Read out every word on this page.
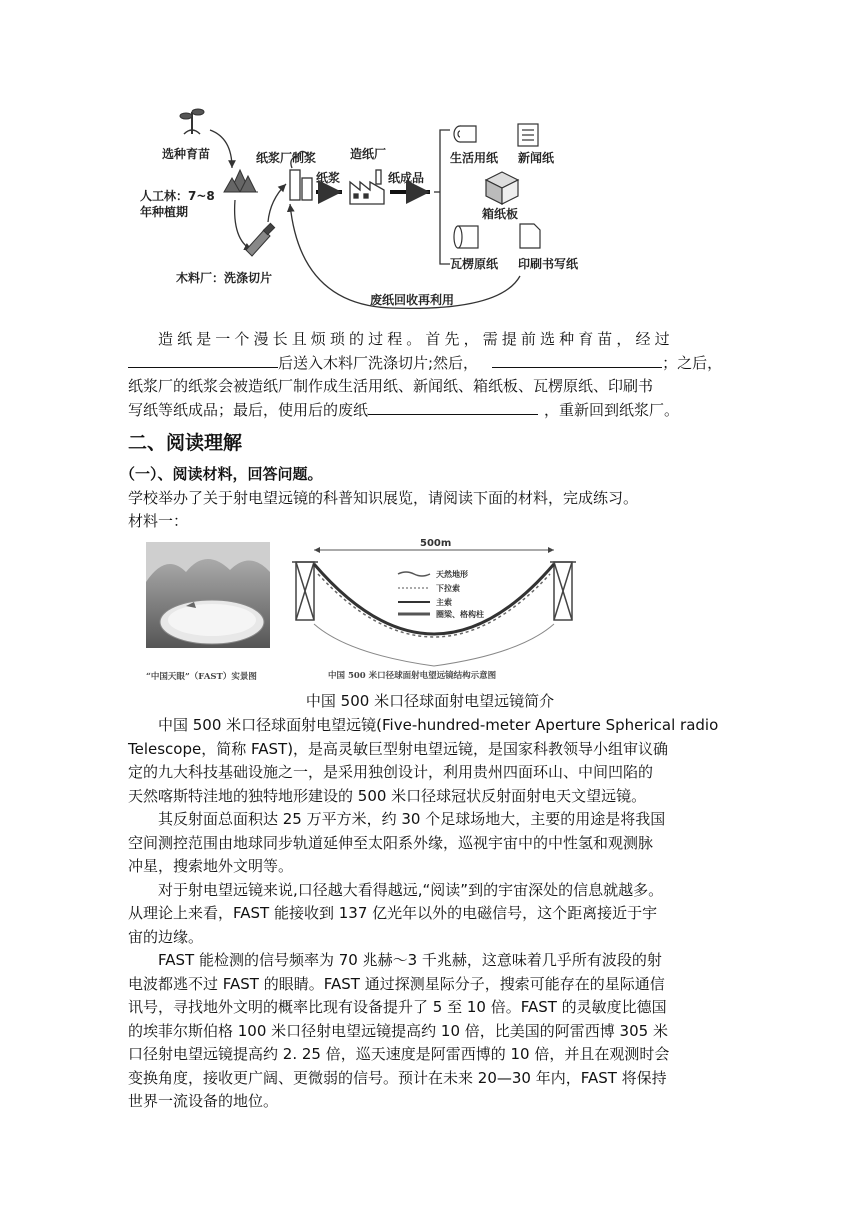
选种育苗
人工林：7~8
年种植期
木料厂：洗涤切片
纸浆厂制浆
纸浆
造纸厂
纸成品
生活用纸 新闻纸
箱纸板
瓦楞原纸 印刷书写纸
废纸回收再利用
造纸是一个漫长且烦琐的过程。首先，需提前选种育苗，经过
后送入木料厂洗涤切片;然后，	；之后，
纸浆厂的纸浆会被造纸厂制作成生活用纸、新闻纸、箱纸板、瓦楞原纸、印刷书
写纸等纸成品；最后，使用后的废纸	，重新回到纸浆厂。
二、阅读理解
（一）、阅读材料，回答问题。
学校举办了关于射电望远镜的科普知识展览，请阅读下面的材料，完成练习。
材料一：
“中国天眼”（FAST）实景图
500m
天然地形
下拉索
主索
圈梁、格构柱
中国 500 米口径球面射电望远镜结构示意图
中国 500 米口径球面射电望远镜简介
中国 500 米口径球面射电望远镜(Five-hundred-meter Aperture Spherical radio
Telescope，简称 FAST)，是高灵敏巨型射电望远镜，是国家科教领导小组审议确
定的九大科技基础设施之一，是采用独创设计，利用贵州四面环山、中间凹陷的
天然喀斯特洼地的独特地形建设的 500 米口径球冠状反射面射电天文望远镜。
其反射面总面积达 25 万平方米，约 30 个足球场地大，主要的用途是将我国
空间测控范围由地球同步轨道延伸至太阳系外缘，巡视宇宙中的中性氢和观测脉
冲星，搜索地外文明等。
对于射电望远镜来说,口径越大看得越远,“阅读”到的宇宙深处的信息就越多。
从理论上来看，FAST 能接收到 137 亿光年以外的电磁信号，这个距离接近于宇
宙的边缘。
FAST 能检测的信号频率为 70 兆赫～3 千兆赫，这意味着几乎所有波段的射
电波都逃不过 FAST 的眼睛。FAST 通过探测星际分子，搜索可能存在的星际通信
讯号，寻找地外文明的概率比现有设备提升了 5 至 10 倍。FAST 的灵敏度比德国
的埃菲尔斯伯格 100 米口径射电望远镜提高约 10 倍，比美国的阿雷西博 305 米
口径射电望远镜提高约 2. 25 倍，巡天速度是阿雷西博的 10 倍，并且在观测时会
变换角度，接收更广阔、更微弱的信号。预计在未来 20—30 年内，FAST 将保持
世界一流设备的地位。
